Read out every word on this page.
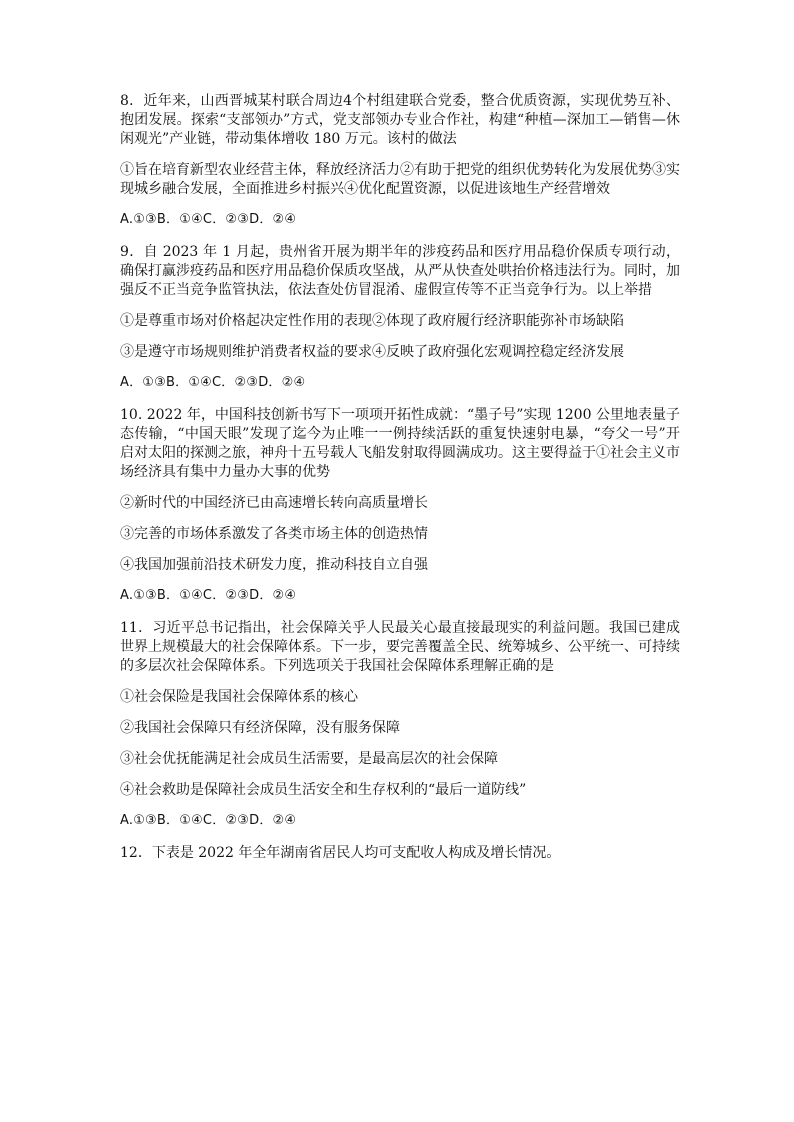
8．近年来，山西晋城某村联合周边4个村组建联合党委，整合优质资源，实现优势互补、抱团发展。探索“支部领办”方式，党支部领办专业合作社，构建“种植—深加工—销售—休闲观光”产业链，带动集体增收 180 万元。该村的做法

①旨在培育新型农业经营主体，释放经济活力②有助于把党的组织优势转化为发展优势③实现城乡融合发展，全面推进乡村振兴④优化配置资源，以促进该地生产经营增效

A.①③B．①④C．②③D．②④

9．自 2023 年 1 月起，贵州省开展为期半年的涉疫药品和医疗用品稳价保质专项行动，确保打赢涉疫药品和医疗用品稳价保质攻坚战，从严从快查处哄抬价格违法行为。同时，加强反不正当竞争监管执法，依法查处仿冒混淆、虚假宣传等不正当竞争行为。以上举措

①是尊重市场对价格起决定性作用的表现②体现了政府履行经济职能弥补市场缺陷

③是遵守市场规则维护消费者权益的要求④反映了政府强化宏观调控稳定经济发展

A．①③B．①④C．②③D．②④

10. 2022 年，中国科技创新书写下一项项开拓性成就：“墨子号”实现 1200 公里地表量子态传输，“中国天眼”发现了迄今为止唯一一例持续活跃的重复快速射电暴，“夸父一号”开启对太阳的探测之旅，神舟十五号载人飞船发射取得圆满成功。这主要得益于①社会主义市场经济具有集中力量办大事的优势

②新时代的中国经济已由高速增长转向高质量增长

③完善的市场体系激发了各类市场主体的创造热情

④我国加强前沿技术研发力度，推动科技自立自强

A.①③B．①④C．②③D．②④

11．习近平总书记指出，社会保障关乎人民最关心最直接最现实的利益问题。我国已建成世界上规模最大的社会保障体系。下一步，要完善覆盖全民、统筹城乡、公平统一、可持续的多层次社会保障体系。下列选项关于我国社会保障体系理解正确的是

①社会保险是我国社会保障体系的核心

②我国社会保障只有经济保障，没有服务保障

③社会优抚能满足社会成员生活需要，是最高层次的社会保障

④社会救助是保障社会成员生活安全和生存权利的“最后一道防线”

A.①③B．①④C．②③D．②④

12．下表是 2022 年全年湖南省居民人均可支配收人构成及增长情况。
